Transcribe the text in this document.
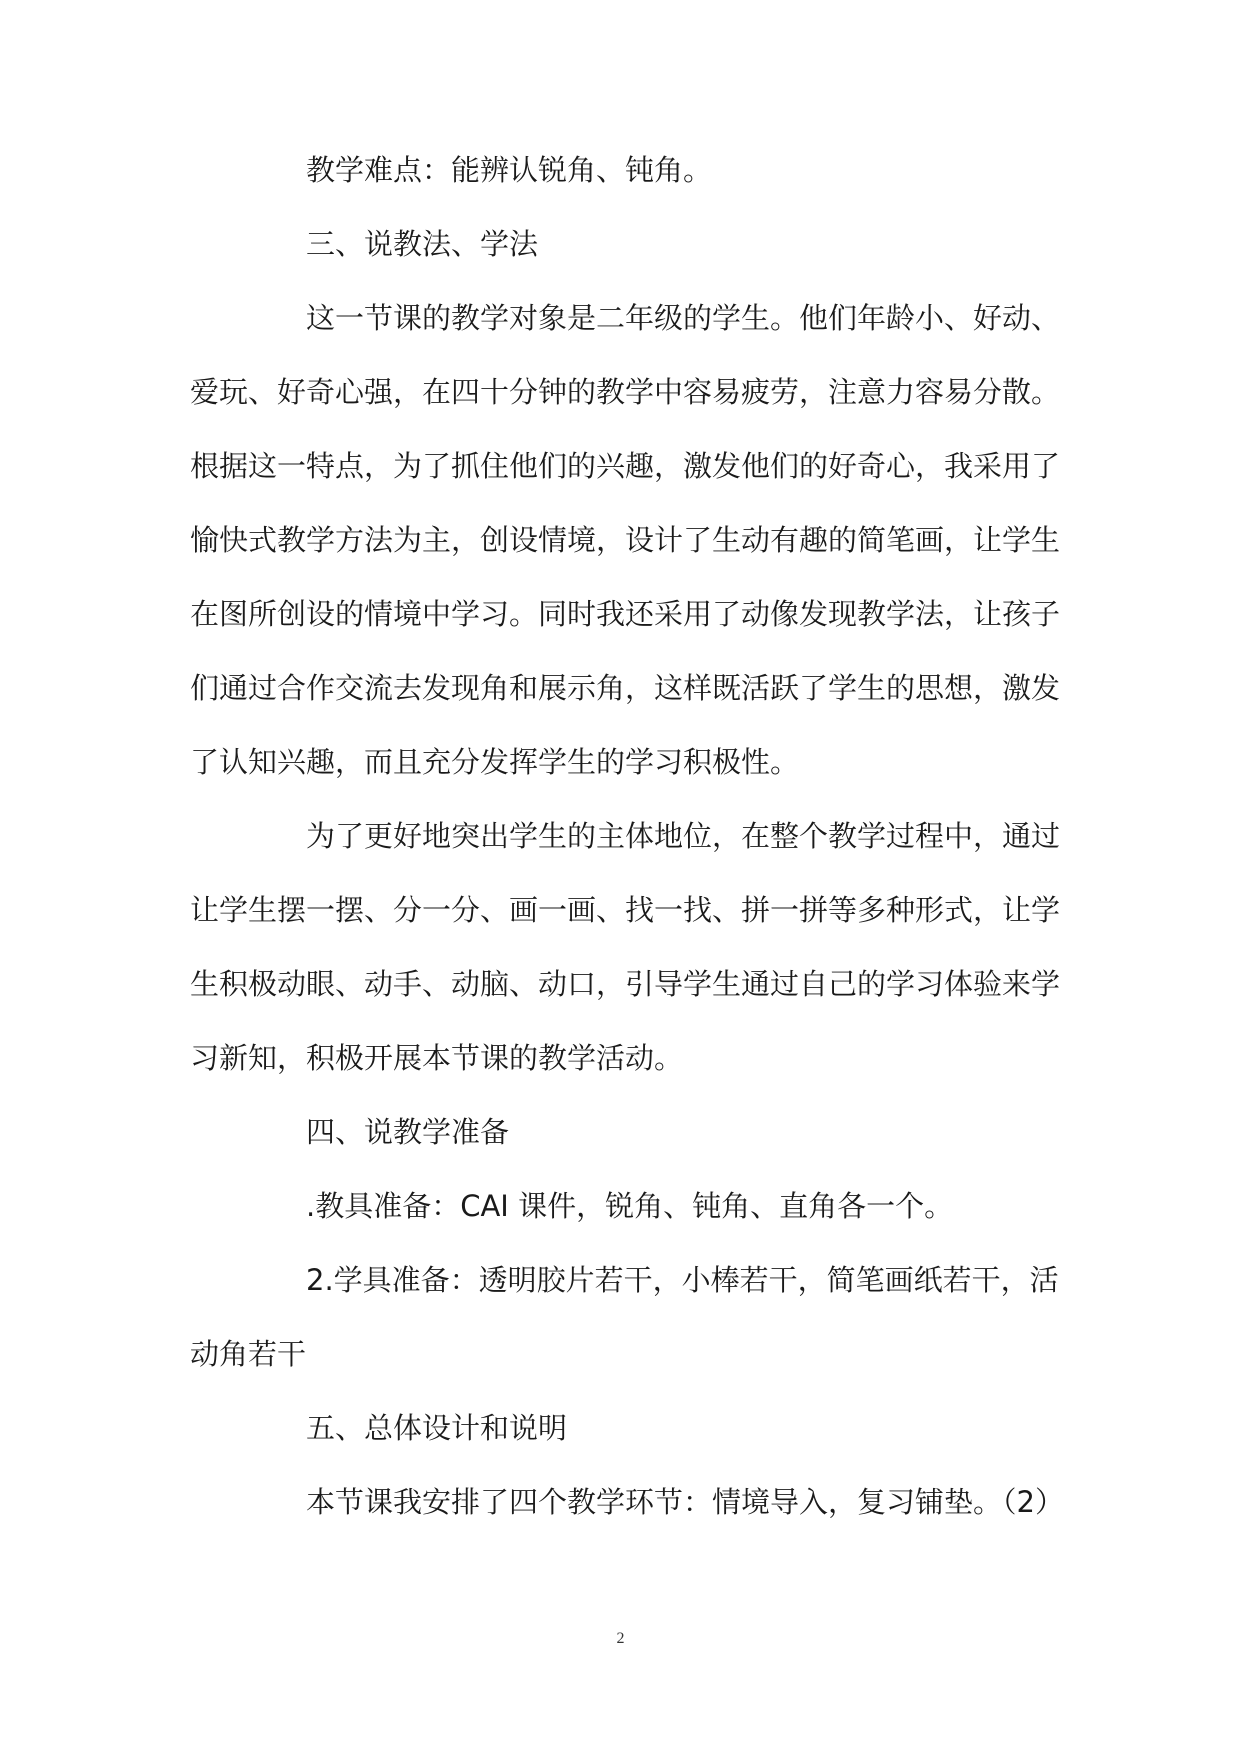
教学难点：能辨认锐角、钝角。
三、说教法、学法
这一节课的教学对象是二年级的学生。他们年龄小、好动、
爱玩、好奇心强，在四十分钟的教学中容易疲劳，注意力容易分散。
根据这一特点，为了抓住他们的兴趣，激发他们的好奇心，我采用了
愉快式教学方法为主，创设情境，设计了生动有趣的简笔画，让学生
在图所创设的情境中学习。同时我还采用了动像发现教学法，让孩子
们通过合作交流去发现角和展示角，这样既活跃了学生的思想，激发
了认知兴趣，而且充分发挥学生的学习积极性。
为了更好地突出学生的主体地位，在整个教学过程中，通过
让学生摆一摆、分一分、画一画、找一找、拼一拼等多种形式，让学
生积极动眼、动手、动脑、动口，引导学生通过自己的学习体验来学
习新知，积极开展本节课的教学活动。
四、说教学准备
.教具准备：CAI 课件，锐角、钝角、直角各一个。
2.学具准备：透明胶片若干，小棒若干，简笔画纸若干，活
动角若干
五、总体设计和说明
本节课我安排了四个教学环节：情境导入，复习铺垫。（2）
2
